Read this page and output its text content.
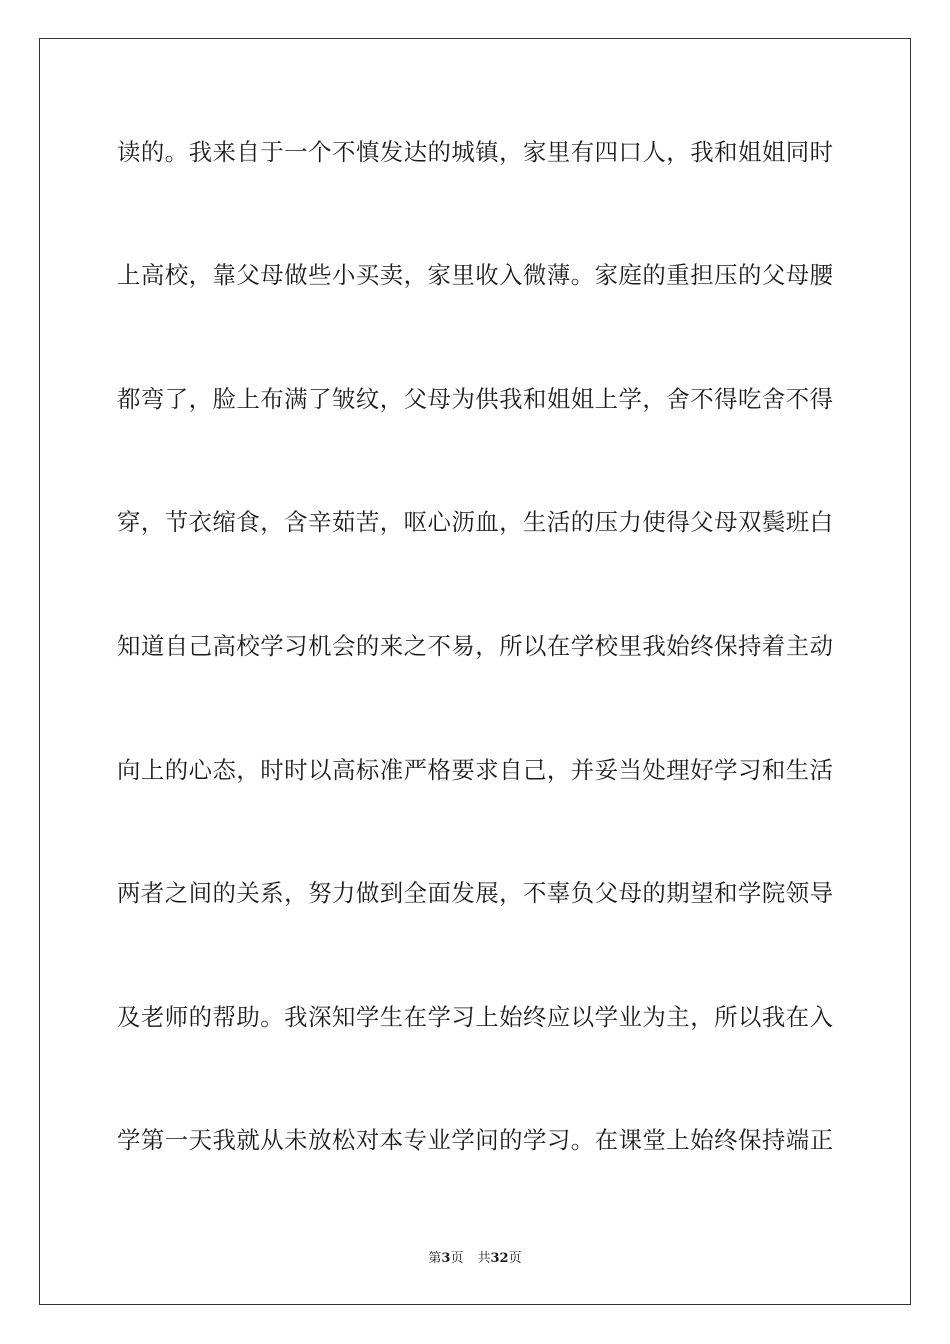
读的。我来自于一个不慎发达的城镇，家里有四口人，我和姐姐同时
上高校，靠父母做些小买卖，家里收入微薄。家庭的重担压的父母腰
都弯了，脸上布满了皱纹，父母为供我和姐姐上学，舍不得吃舍不得
穿，节衣缩食，含辛茹苦，呕心沥血，生活的压力使得父母双鬓班白
知道自己高校学习机会的来之不易，所以在学校里我始终保持着主动
向上的心态，时时以高标准严格要求自己，并妥当处理好学习和生活
两者之间的关系，努力做到全面发展，不辜负父母的期望和学院领导
及老师的帮助。我深知学生在学习上始终应以学业为主，所以我在入
学第一天我就从未放松对本专业学问的学习。在课堂上始终保持端正
第3页 共32页
